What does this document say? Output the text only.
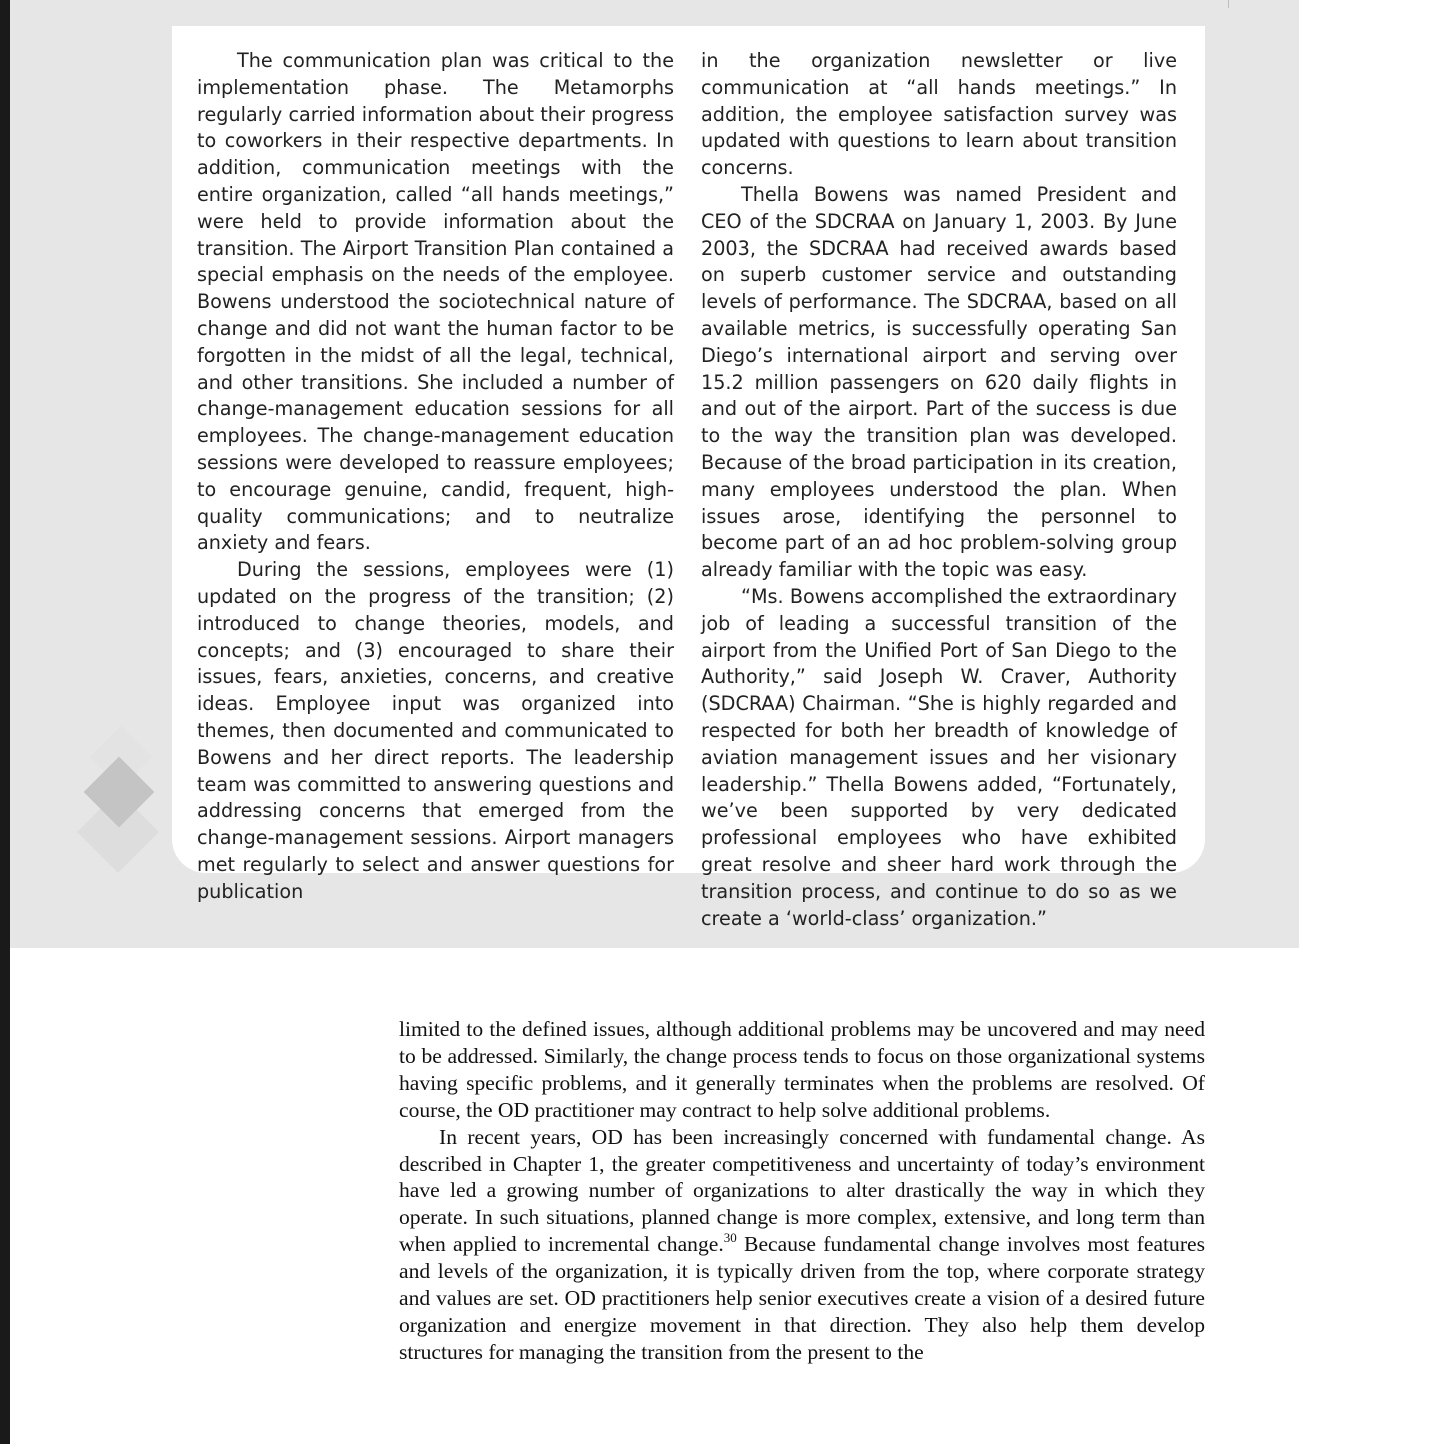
The communication plan was critical to the implementation phase. The Metamorphs regularly carried information about their progress to coworkers in their respective departments. In addition, communication meetings with the entire organization, called “all hands meetings,” were held to provide information about the transition. The Airport Transition Plan contained a special emphasis on the needs of the employee. Bowens understood the sociotechnical nature of change and did not want the human factor to be forgotten in the midst of all the legal, technical, and other transitions. She included a number of change-management education sessions for all employees. The change-management education sessions were developed to reassure employees; to encourage genuine, candid, frequent, high-quality communications; and to neutralize anxiety and fears.

During the sessions, employees were (1) updated on the progress of the transition; (2) introduced to change theories, models, and concepts; and (3) encouraged to share their issues, fears, anxieties, concerns, and creative ideas. Employee input was organized into themes, then documented and communicated to Bowens and her direct reports. The leadership team was committed to answering questions and addressing concerns that emerged from the change-management sessions. Airport managers met regularly to select and answer questions for publication

in the organization newsletter or live communication at “all hands meetings.” In addition, the employee satisfaction survey was updated with questions to learn about transition concerns.

Thella Bowens was named President and CEO of the SDCRAA on January 1, 2003. By June 2003, the SDCRAA had received awards based on superb customer service and outstanding levels of performance. The SDCRAA, based on all available metrics, is successfully operating San Diego’s international airport and serving over 15.2 million passengers on 620 daily flights in and out of the airport. Part of the success is due to the way the transition plan was developed. Because of the broad participation in its creation, many employees understood the plan. When issues arose, identifying the personnel to become part of an ad hoc problem-solving group already familiar with the topic was easy.

“Ms. Bowens accomplished the extraordinary job of leading a successful transition of the airport from the Unified Port of San Diego to the Authority,” said Joseph W. Craver, Authority (SDCRAA) Chairman. “She is highly regarded and respected for both her breadth of knowledge of aviation management issues and her visionary leadership.” Thella Bowens added, “Fortunately, we’ve been supported by very dedicated professional employees who have exhibited great resolve and sheer hard work through the transition process, and continue to do so as we create a ‘world-class’ organization.”

limited to the defined issues, although additional problems may be uncovered and may need to be addressed. Similarly, the change process tends to focus on those organizational systems having specific problems, and it generally terminates when the problems are resolved. Of course, the OD practitioner may contract to help solve additional problems.

In recent years, OD has been increasingly concerned with fundamental change. As described in Chapter 1, the greater competitiveness and uncertainty of today’s environment have led a growing number of organizations to alter drastically the way in which they operate. In such situations, planned change is more complex, extensive, and long term than when applied to incremental change.$^{30}$ Because fundamental change involves most features and levels of the organization, it is typically driven from the top, where corporate strategy and values are set. OD practitioners help senior executives create a vision of a desired future organization and energize movement in that direction. They also help them develop structures for managing the transition from the present to the
